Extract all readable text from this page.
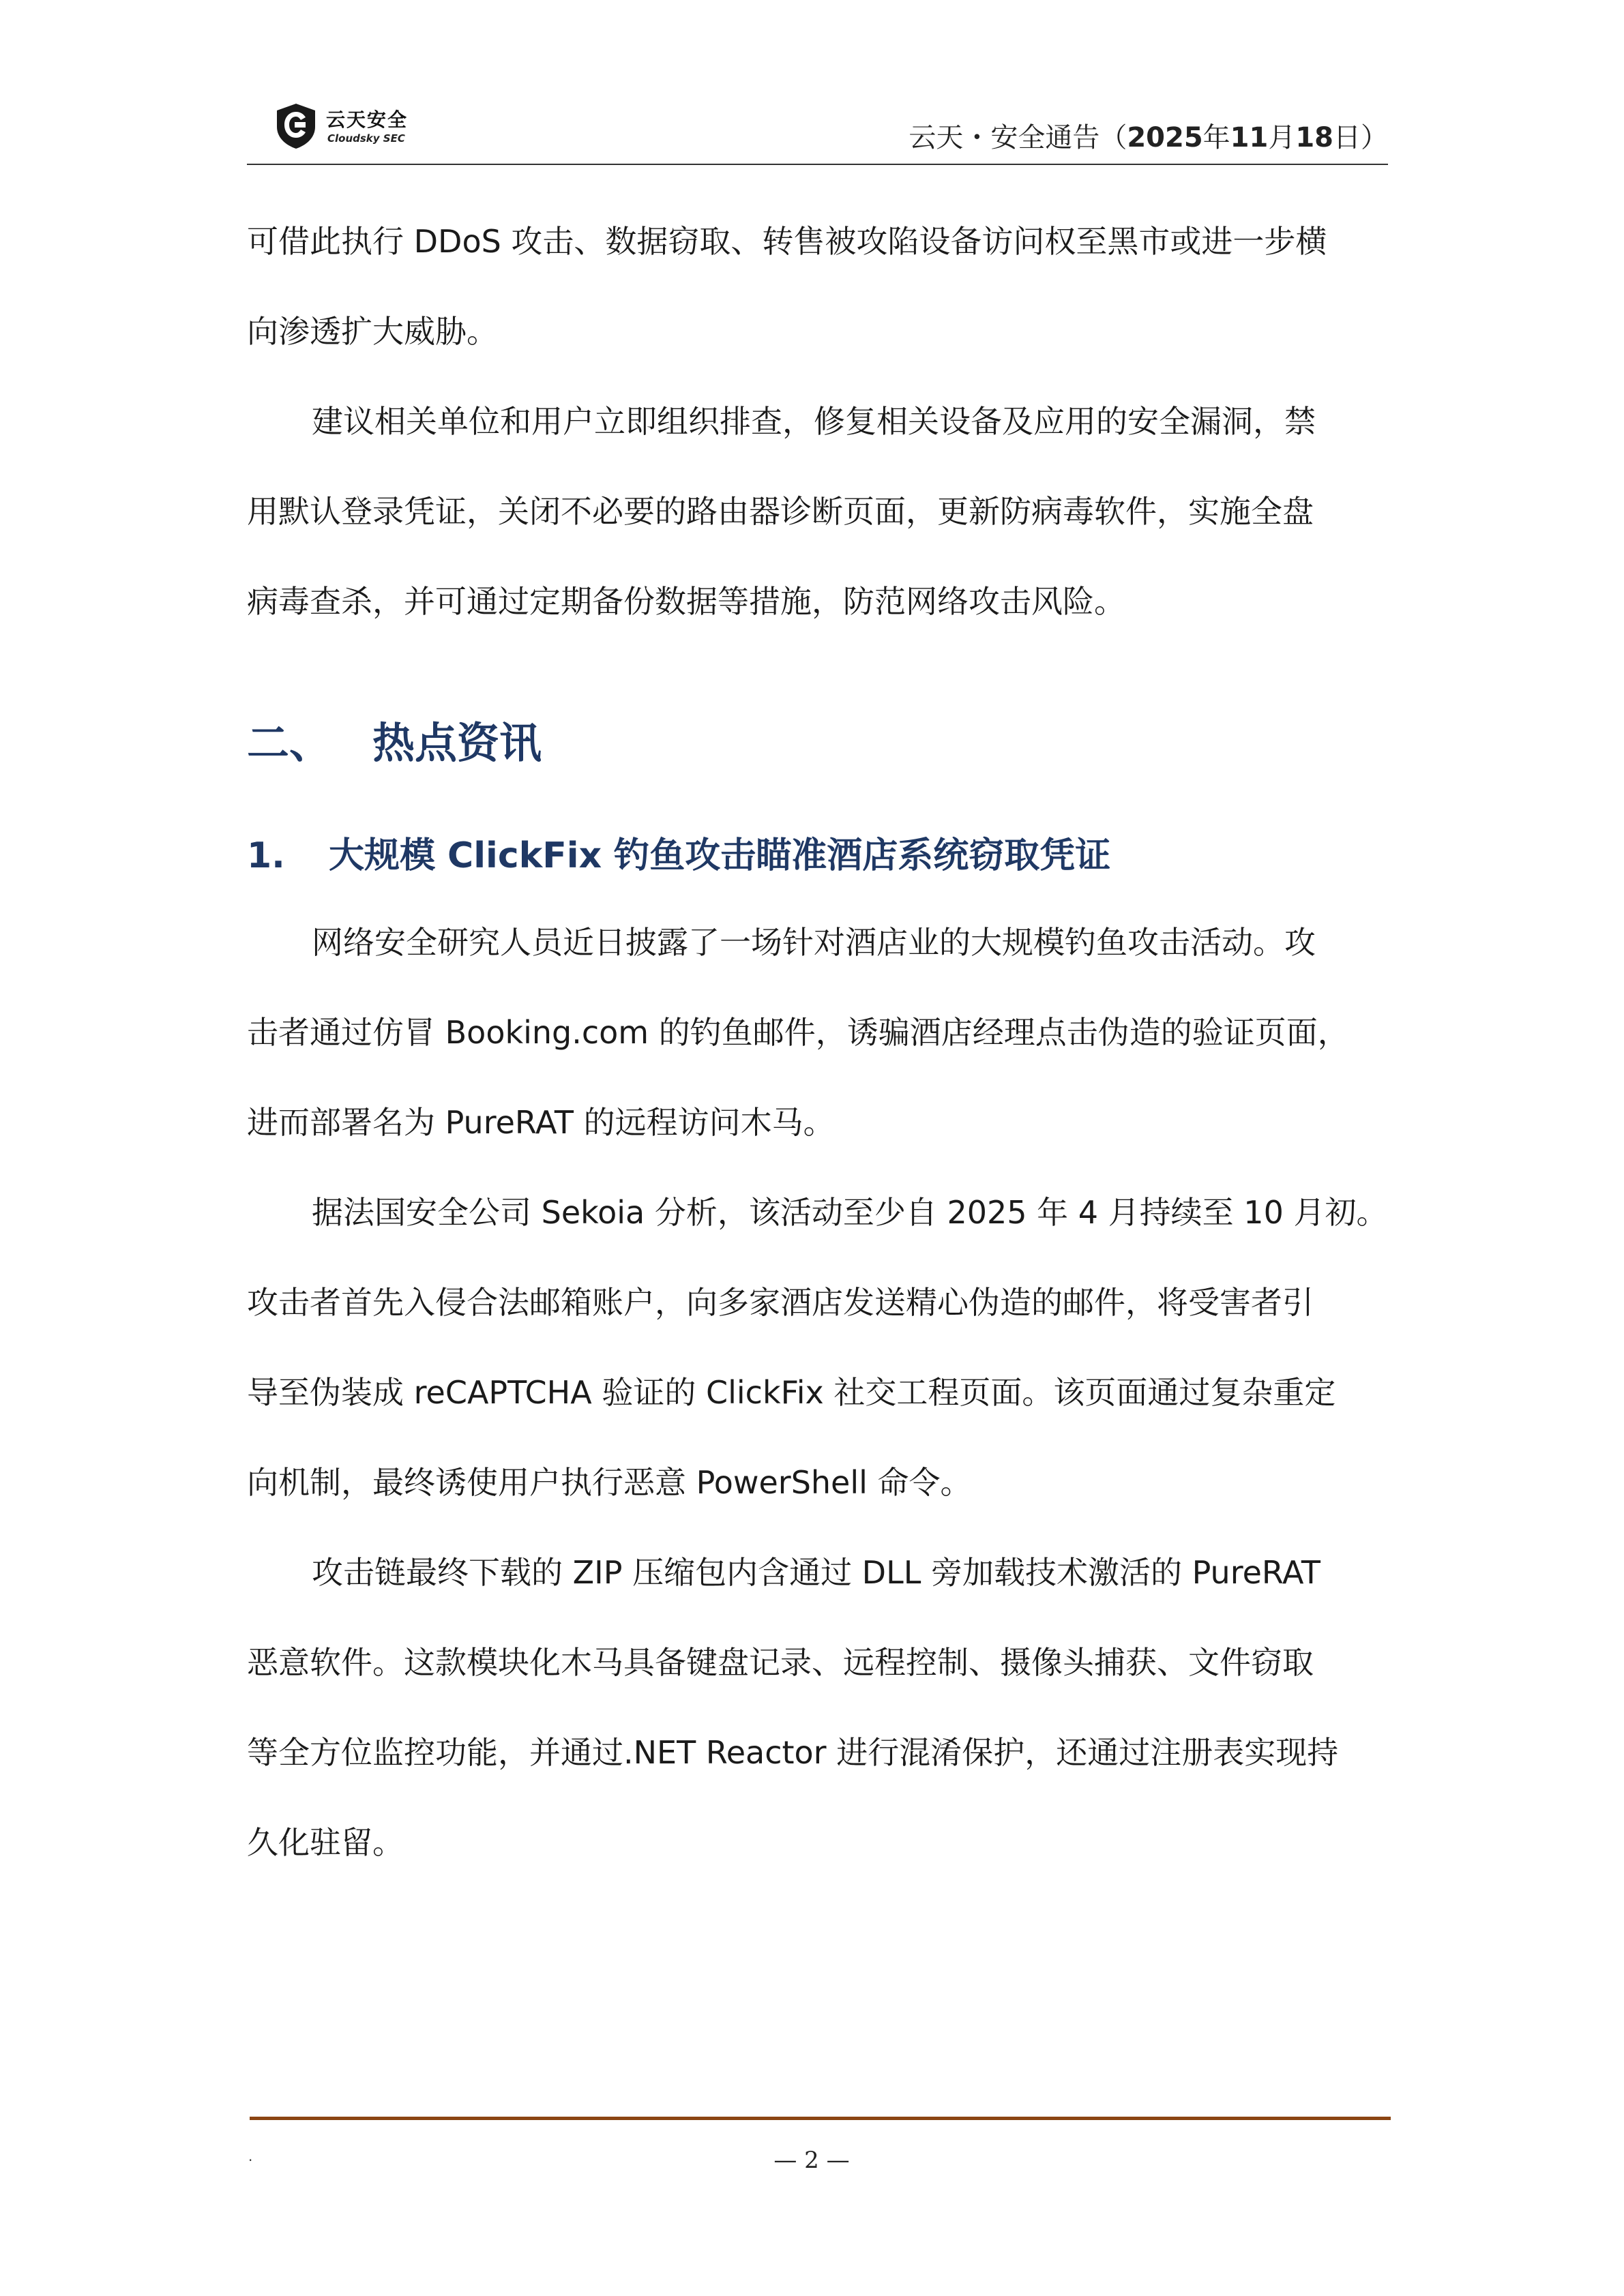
云天安全
Cloudsky SEC	云天・安全通告（2025年11月18日）
可借此执行 DDoS 攻击、数据窃取、转售被攻陷设备访问权至黑市或进一步横
向渗透扩大威胁。
建议相关单位和用户立即组织排查，修复相关设备及应用的安全漏洞，禁
用默认登录凭证，关闭不必要的路由器诊断页面，更新防病毒软件，实施全盘
病毒查杀，并可通过定期备份数据等措施，防范网络攻击风险。
二、 热点资讯
1. 大规模 ClickFix 钓鱼攻击瞄准酒店系统窃取凭证
网络安全研究人员近日披露了一场针对酒店业的大规模钓鱼攻击活动。攻
击者通过仿冒 Booking.com 的钓鱼邮件，诱骗酒店经理点击伪造的验证页面，
进而部署名为 PureRAT 的远程访问木马。
据法国安全公司 Sekoia 分析，该活动至少自 2025 年 4 月持续至 10 月初。
攻击者首先入侵合法邮箱账户，向多家酒店发送精心伪造的邮件，将受害者引
导至伪装成 reCAPTCHA 验证的 ClickFix 社交工程页面。该页面通过复杂重定
向机制，最终诱使用户执行恶意 PowerShell 命令。
攻击链最终下载的 ZIP 压缩包内含通过 DLL 旁加载技术激活的 PureRAT
恶意软件。这款模块化木马具备键盘记录、远程控制、摄像头捕获、文件窃取
等全方位监控功能，并通过.NET Reactor 进行混淆保护，还通过注册表实现持
久化驻留。
.	— 2 —
